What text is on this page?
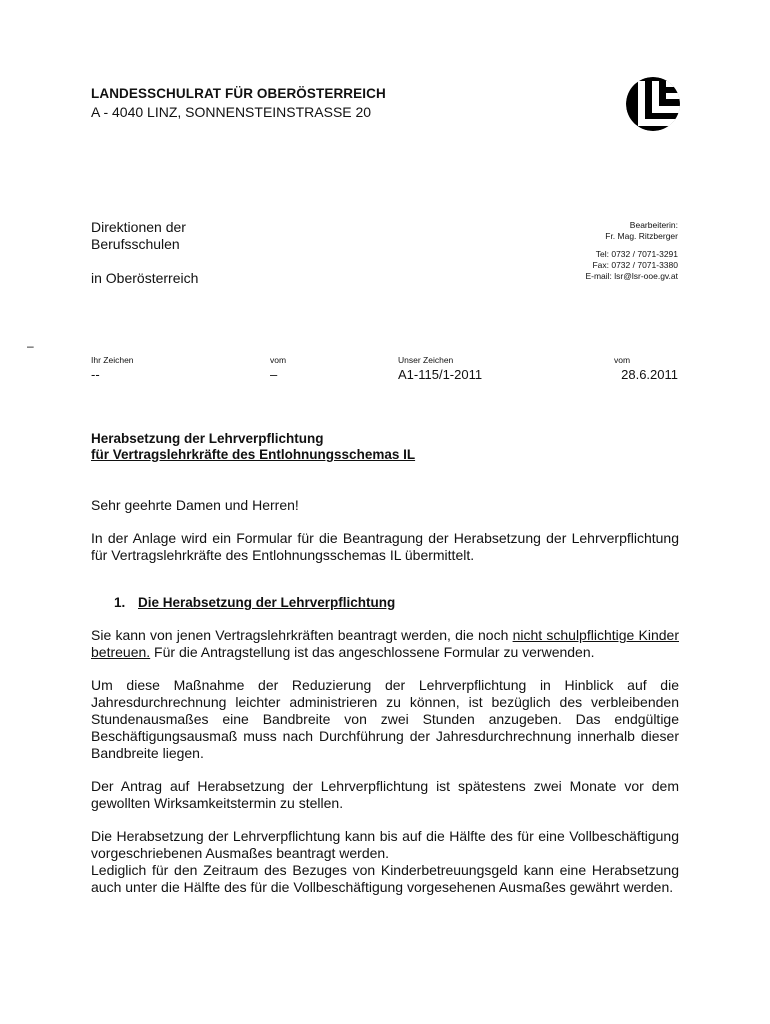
LANDESSCHULRAT FÜR OBERÖSTERREICH
A - 4040 LINZ, SONNENSTEINSTRASSE 20
Direktionen der
Berufsschulen
in Oberösterreich
Bearbeiterin:
Fr. Mag. Ritzberger
Tel: 0732 / 7071-3291
Fax: 0732 / 7071-3380
E-mail: lsr@lsr-ooe.gv.at
–
Ihr Zeichen
--
vom
–
Unser Zeichen
A1-115/1-2011
vom
28.6.2011
Herabsetzung der Lehrverpflichtung
für Vertragslehrkräfte des Entlohnungsschemas IL

Sehr geehrte Damen und Herren!

In der Anlage wird ein Formular für die Beantragung der Herabsetzung der Lehrverpflichtung für Vertragslehrkräfte des Entlohnungsschemas IL übermittelt.

1. Die Herabsetzung der Lehrverpflichtung

Sie kann von jenen Vertragslehrkräften beantragt werden, die noch nicht schulpflichtige Kinder betreuen. Für die Antragstellung ist das angeschlossene Formular zu verwenden.

Um diese Maßnahme der Reduzierung der Lehrverpflichtung in Hinblick auf die Jahresdurchrechnung leichter administrieren zu können, ist bezüglich des verbleibenden Stundenausmaßes eine Bandbreite von zwei Stunden anzugeben. Das endgültige Beschäftigungsausmaß muss nach Durchführung der Jahresdurchrechnung innerhalb dieser Bandbreite liegen.

Der Antrag auf Herabsetzung der Lehrverpflichtung ist spätestens zwei Monate vor dem gewollten Wirksamkeitstermin zu stellen.

Die Herabsetzung der Lehrverpflichtung kann bis auf die Hälfte des für eine Vollbeschäftigung vorgeschriebenen Ausmaßes beantragt werden.

Lediglich für den Zeitraum des Bezuges von Kinderbetreuungsgeld kann eine Herabsetzung auch unter die Hälfte des für die Vollbeschäftigung vorgesehenen Ausmaßes gewährt werden.
